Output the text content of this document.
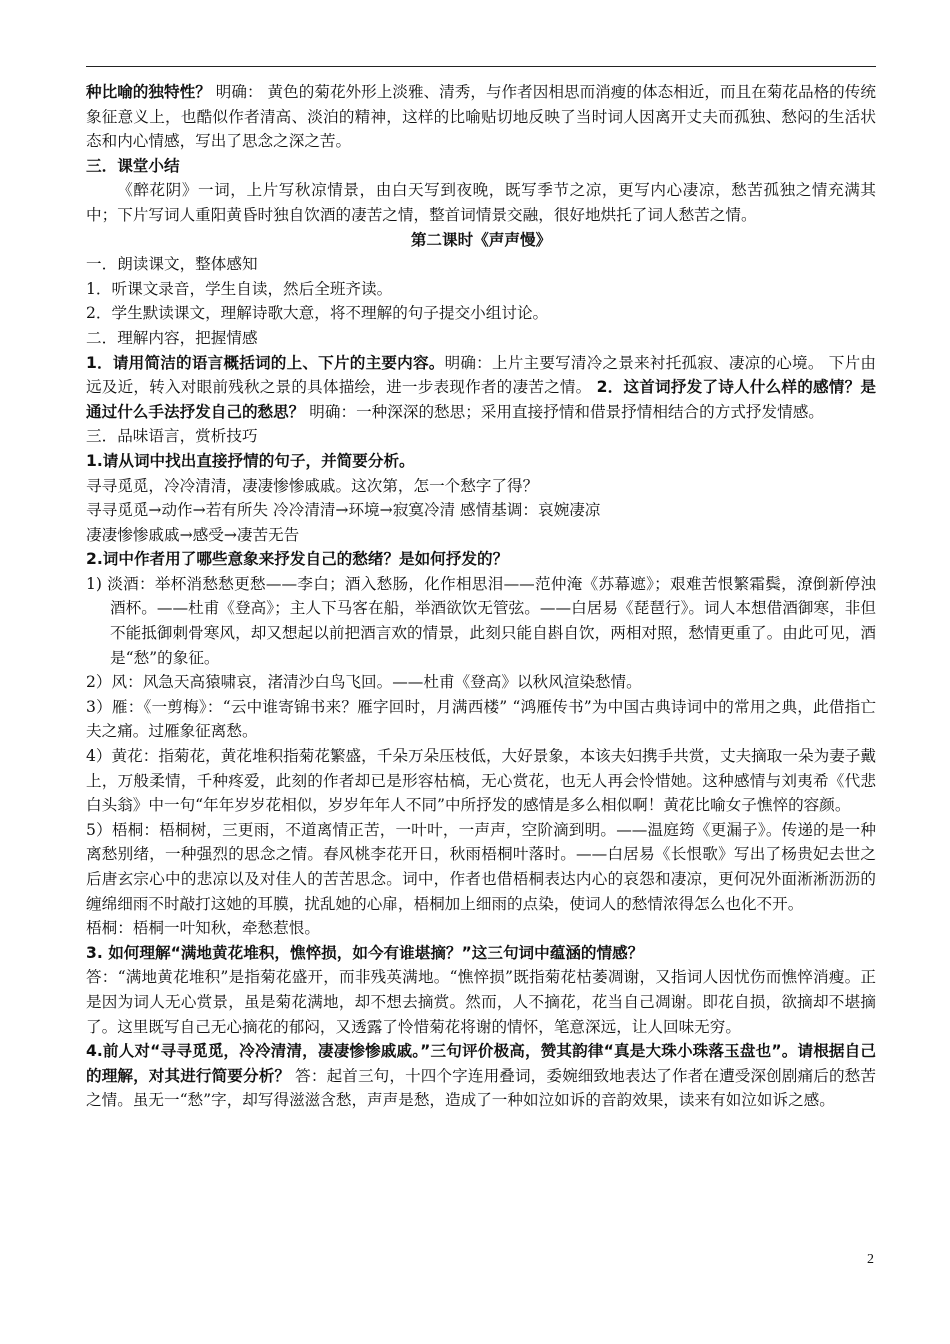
种比喻的独特性？ 明确： 黄色的菊花外形上淡雅、清秀，与作者因相思而消瘦的体态相近，而且在菊花品格的传统象征意义上，也酷似作者清高、淡泊的精神，这样的比喻贴切地反映了当时词人因离开丈夫而孤独、愁闷的生活状态和内心情感，写出了思念之深之苦。

三．课堂小结

《醉花阴》一词，上片写秋凉情景，由白天写到夜晚，既写季节之凉，更写内心凄凉，愁苦孤独之情充满其中；下片写词人重阳黄昏时独自饮酒的凄苦之情，整首词情景交融，很好地烘托了词人愁苦之情。

第二课时《声声慢》

一．朗读课文，整体感知

1．听课文录音，学生自读，然后全班齐读。

2．学生默读课文，理解诗歌大意，将不理解的句子提交小组讨论。

二．理解内容，把握情感

1．请用简洁的语言概括词的上、下片的主要内容。明确：上片主要写清冷之景来衬托孤寂、凄凉的心境。 下片由远及近，转入对眼前残秋之景的具体描绘，进一步表现作者的凄苦之情。 2．这首词抒发了诗人什么样的感情？是通过什么手法抒发自己的愁思？ 明确：一种深深的愁思；采用直接抒情和借景抒情相结合的方式抒发情感。

三．品味语言，赏析技巧

1.请从词中找出直接抒情的句子，并简要分析。

寻寻觅觅，冷冷清清，凄凄惨惨戚戚。这次第，怎一个愁字了得？

寻寻觅觅→动作→若有所失 冷冷清清→环境→寂寞冷清 感情基调：哀婉凄凉

凄凄惨惨戚戚→感受→凄苦无告

2.词中作者用了哪些意象来抒发自己的愁绪？是如何抒发的？

1) 淡酒：举杯消愁愁更愁——李白；酒入愁肠，化作相思泪——范仲淹《苏幕遮》；艰难苦恨繁霜鬓，潦倒新停浊酒杯。——杜甫《登高》；主人下马客在船，举酒欲饮无管弦。——白居易《琵琶行》。词人本想借酒御寒，非但不能抵御刺骨寒风，却又想起以前把酒言欢的情景，此刻只能自斟自饮，两相对照，愁情更重了。由此可见，酒是“愁”的象征。

2）风：风急天高猿啸哀，渚清沙白鸟飞回。——杜甫《登高》以秋风渲染愁情。

3）雁：《一剪梅》：“云中谁寄锦书来？雁字回时，月满西楼” “鸿雁传书”为中国古典诗词中的常用之典，此借指亡夫之痛。过雁象征离愁。

4）黄花：指菊花，黄花堆积指菊花繁盛，千朵万朵压枝低，大好景象，本该夫妇携手共赏，丈夫摘取一朵为妻子戴上，万般柔情，千种疼爱，此刻的作者却已是形容枯槁，无心赏花，也无人再会怜惜她。这种感情与刘夷希《代悲白头翁》中一句“年年岁岁花相似，岁岁年年人不同”中所抒发的感情是多么相似啊！黄花比喻女子憔悴的容颜。

5）梧桐：梧桐树，三更雨，不道离情正苦，一叶叶，一声声，空阶滴到明。——温庭筠《更漏子》。传递的是一种离愁别绪，一种强烈的思念之情。春风桃李花开日，秋雨梧桐叶落时。——白居易《长恨歌》写出了杨贵妃去世之后唐玄宗心中的悲凉以及对佳人的苦苦思念。词中，作者也借梧桐表达内心的哀怨和凄凉，更何况外面淅淅沥沥的缠绵细雨不时敲打这她的耳膜，扰乱她的心扉，梧桐加上细雨的点染，使词人的愁情浓得怎么也化不开。

梧桐：梧桐一叶知秋，牵愁惹恨。

3. 如何理解“满地黄花堆积，憔悴损，如今有谁堪摘？”这三句词中蕴涵的情感？

答：“满地黄花堆积”是指菊花盛开，而非残英满地。“憔悴损”既指菊花枯萎凋谢，又指词人因忧伤而憔悴消瘦。正是因为词人无心赏景，虽是菊花满地，却不想去摘赏。然而，人不摘花，花当自己凋谢。即花自损，欲摘却不堪摘了。这里既写自己无心摘花的郁闷，又透露了怜惜菊花将谢的情怀，笔意深远，让人回味无穷。

4.前人对“寻寻觅觅，冷冷清清，凄凄惨惨戚戚。”三句评价极高，赞其韵律“真是大珠小珠落玉盘也”。请根据自己的理解，对其进行简要分析？ 答：起首三句，十四个字连用叠词，委婉细致地表达了作者在遭受深创剧痛后的愁苦之情。虽无一“愁”字，却写得滋滋含愁，声声是愁，造成了一种如泣如诉的音韵效果，读来有如泣如诉之感。

2
